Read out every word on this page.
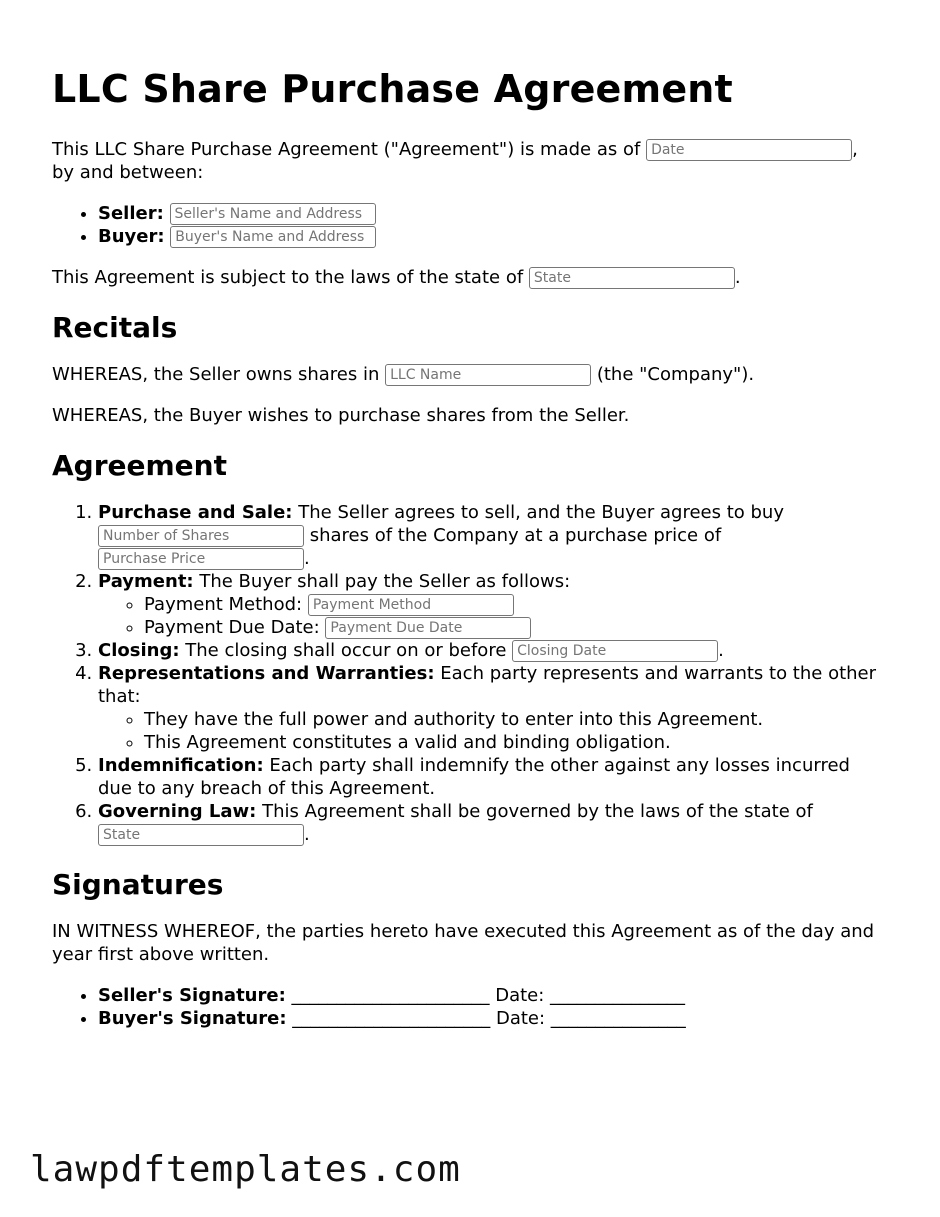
LLC Share Purchase Agreement

This LLC Share Purchase Agreement ("Agreement") is made as of Date	, by and between:

• Seller: Seller's Name and Address
• Buyer: Buyer's Name and Address

This Agreement is subject to the laws of the state of State	.

Recitals

WHEREAS, the Seller owns shares in LLC Name	(the "Company").

WHEREAS, the Buyer wishes to purchase shares from the Seller.

Agreement
1. Purchase and Sale: The Seller agrees to sell, and the Buyer agrees to buy Number of Shares shares of the Company at a purchase price of Purchase Price.
2. Payment: The Buyer shall pay the Seller as follows:
◦ Payment Method: Payment Method
◦ Payment Due Date: Payment Due Date
3. Closing: The closing shall occur on or before Closing Date	.
4. Representations and Warranties: Each party represents and warrants to the other that:
◦ They have the full power and authority to enter into this Agreement.
◦ This Agreement constitutes a valid and binding obligation.
5. Indemnification: Each party shall indemnify the other against any losses incurred due to any breach of this Agreement.
6. Governing Law: This Agreement shall be governed by the laws of the state of State.
Signatures

IN WITNESS WHEREOF, the parties hereto have executed this Agreement as of the day and year first above written.

• Seller's Signature: ______________________ Date: _______________
• Buyer's Signature: ______________________ Date: _______________
lawpdftemplates.com
